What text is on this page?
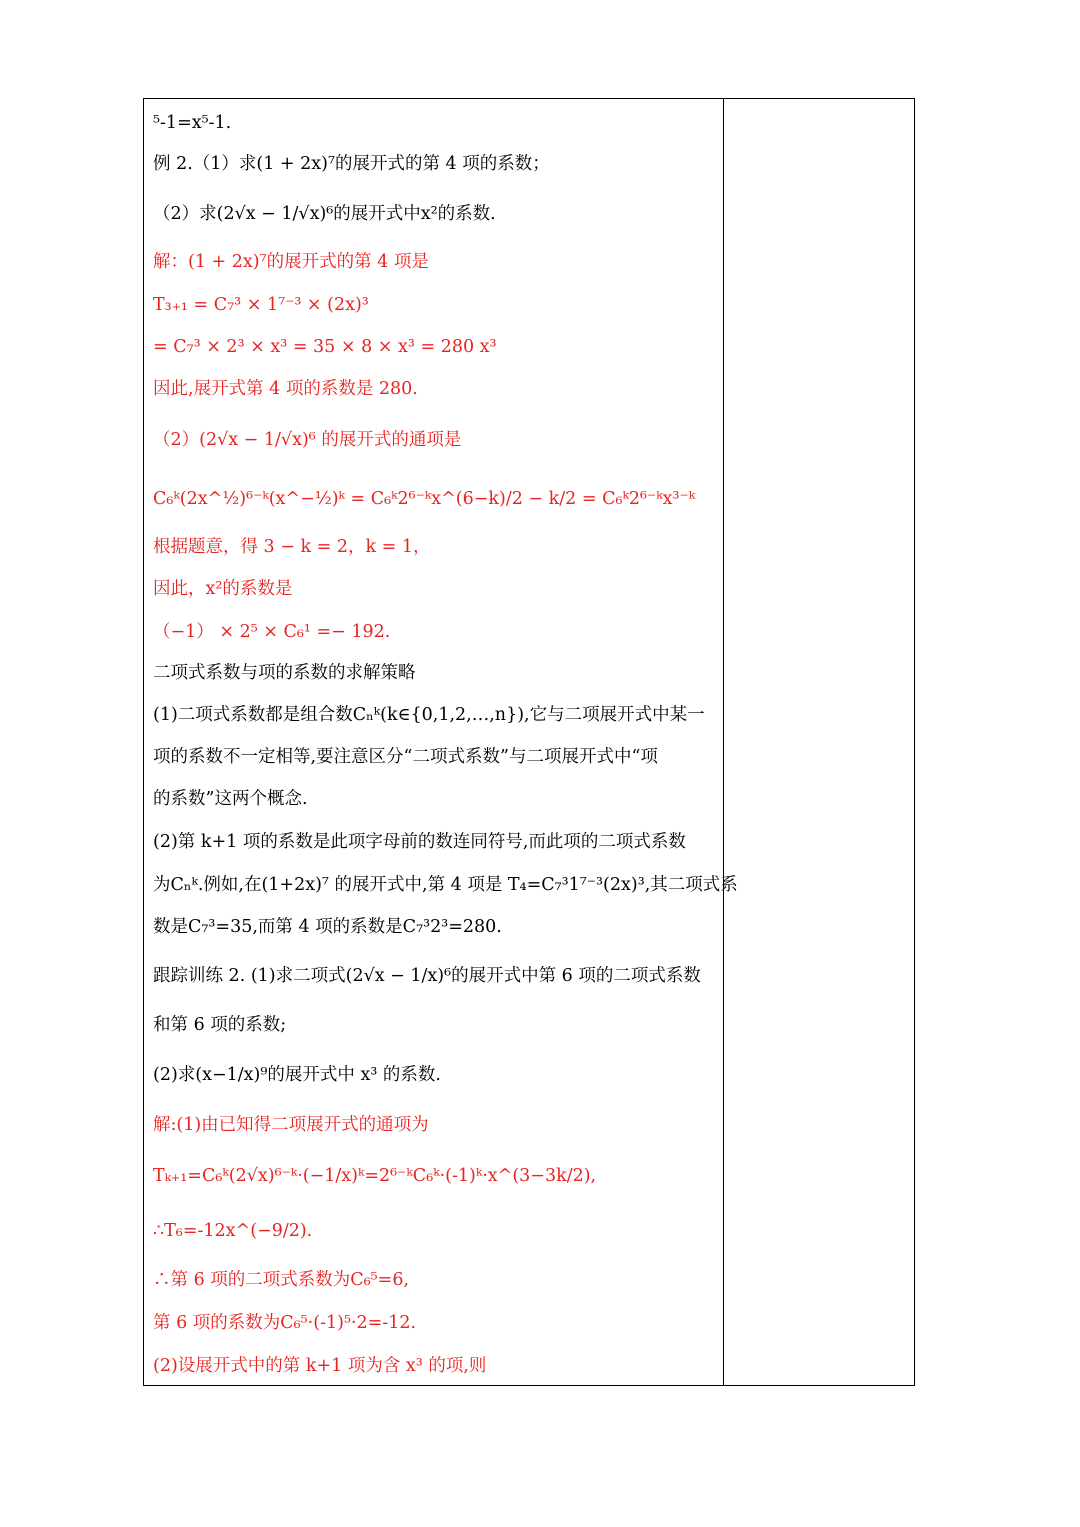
⁵-1=x⁵-1.
例 2.（1）求(1 + 2x)⁷的展开式的第 4 项的系数；
（2）求(2√x − 1/√x)⁶的展开式中x²的系数.
解：(1 + 2x)⁷的展开式的第 4 项是
T₃₊₁ = C₇³ × 1⁷⁻³ × (2x)³
= C₇³ × 2³ × x³ = 35 × 8 × x³ = 280 x³
因此,展开式第 4 项的系数是 280.
（2）(2√x − 1/√x)⁶ 的展开式的通项是
C₆ᵏ(2x^½)⁶⁻ᵏ(x^−½)ᵏ = C₆ᵏ2⁶⁻ᵏx^(6−k)/2 − k/2 = C₆ᵏ2⁶⁻ᵏx³⁻ᵏ
根据题意，得 3 − k = 2，k = 1，
因此，x²的系数是
（−1） × 2⁵ × C₆¹ =− 192.
二项式系数与项的系数的求解策略
(1)二项式系数都是组合数Cₙᵏ(k∈{0,1,2,…,n}),它与二项展开式中某一
项的系数不一定相等,要注意区分“二项式系数”与二项展开式中“项
的系数”这两个概念.
(2)第 k+1 项的系数是此项字母前的数连同符号,而此项的二项式系数
为Cₙᵏ.例如,在(1+2x)⁷ 的展开式中,第 4 项是 T₄=C₇³1⁷⁻³(2x)³,其二项式系
数是C₇³=35,而第 4 项的系数是C₇³2³=280.
跟踪训练 2. (1)求二项式(2√x − 1/x)⁶的展开式中第 6 项的二项式系数
和第 6 项的系数;
(2)求(x−1/x)⁹的展开式中 x³ 的系数.
解:(1)由已知得二项展开式的通项为
Tₖ₊₁=C₆ᵏ(2√x)⁶⁻ᵏ·(−1/x)ᵏ=2⁶⁻ᵏC₆ᵏ·(-1)ᵏ·x^(3−3k/2),
∴T₆=-12x^(−9/2).
∴第 6 项的二项式系数为C₆⁵=6,
第 6 项的系数为C₆⁵·(-1)⁵·2=-12.
(2)设展开式中的第 k+1 项为含 x³ 的项,则
